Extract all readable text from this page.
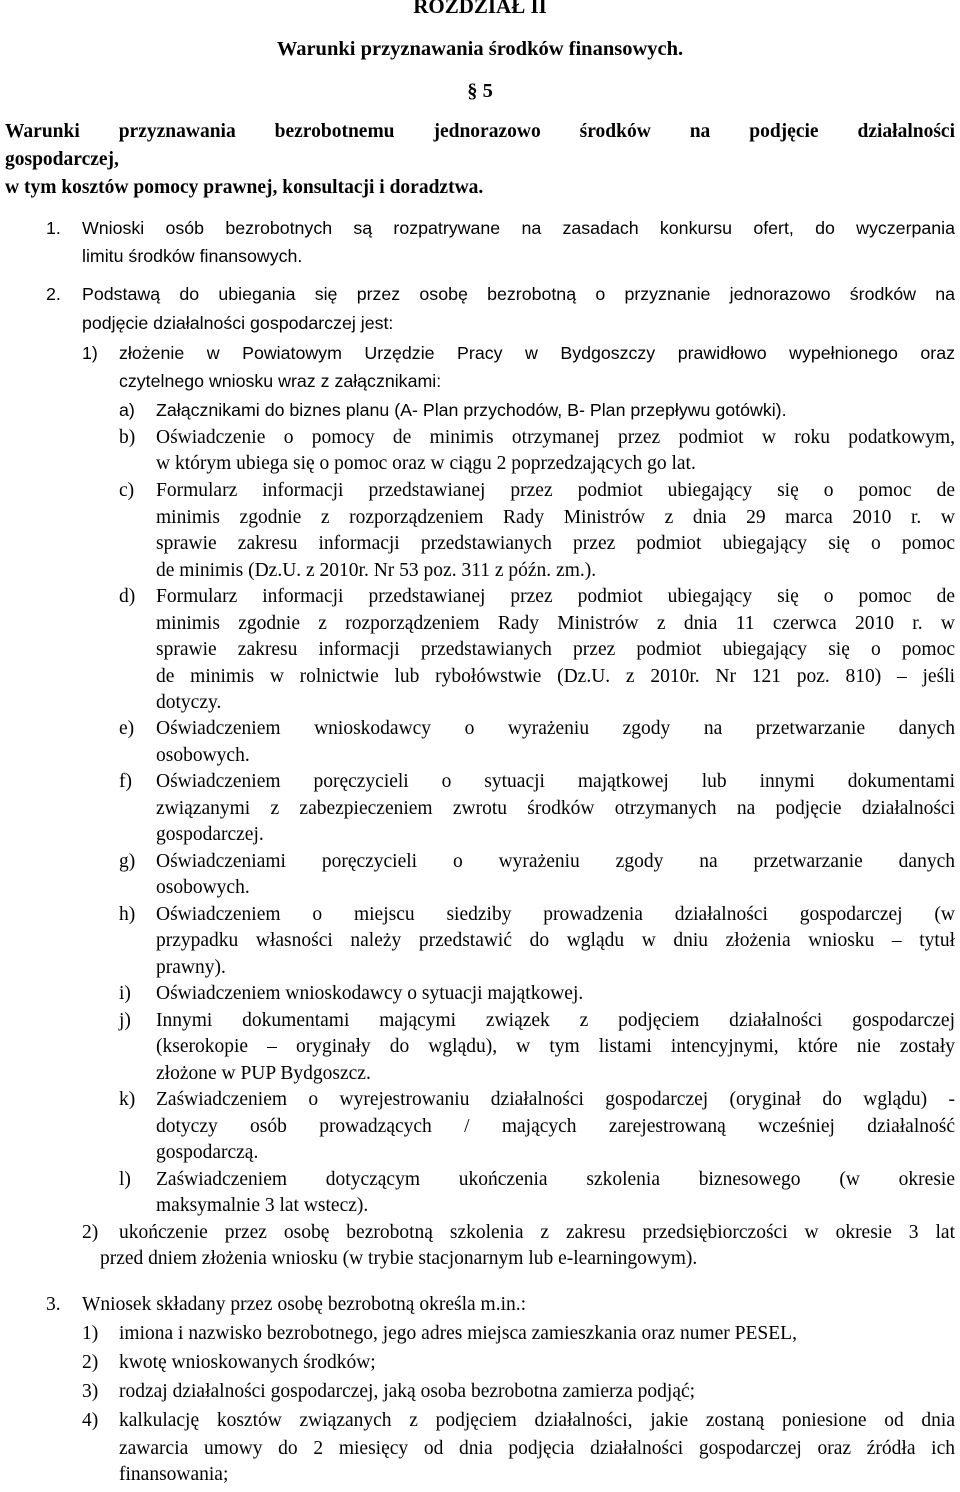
ROZDZIAŁ II
Warunki przyznawania środków finansowych.
§ 5
Warunki przyznawania bezrobotnemu jednorazowo środków na podjęcie działalności
gospodarczej,
w tym kosztów pomocy prawnej, konsultacji i doradztwa.
1. Wnioski osób bezrobotnych są rozpatrywane na zasadach konkursu ofert, do wyczerpania
limitu środków finansowych.
2. Podstawą do ubiegania się przez osobę bezrobotną o przyznanie jednorazowo środków na
podjęcie działalności gospodarczej jest:
1) złożenie w Powiatowym Urzędzie Pracy w Bydgoszczy prawidłowo wypełnionego oraz
czytelnego wniosku wraz z załącznikami:
a) Załącznikami do biznes planu (A- Plan przychodów, B- Plan przepływu gotówki).
b) Oświadczenie o pomocy de minimis otrzymanej przez podmiot w roku podatkowym,
w którym ubiega się o pomoc oraz w ciągu 2 poprzedzających go lat.
c) Formularz informacji przedstawianej przez podmiot ubiegający się o pomoc de
minimis zgodnie z rozporządzeniem Rady Ministrów z dnia 29 marca 2010 r. w
sprawie zakresu informacji przedstawianych przez podmiot ubiegający się o pomoc
de minimis (Dz.U. z 2010r. Nr 53 poz. 311 z późn. zm.).
d) Formularz informacji przedstawianej przez podmiot ubiegający się o pomoc de
minimis zgodnie z rozporządzeniem Rady Ministrów z dnia 11 czerwca 2010 r. w
sprawie zakresu informacji przedstawianych przez podmiot ubiegający się o pomoc
de minimis w rolnictwie lub rybołówstwie (Dz.U. z 2010r. Nr 121 poz. 810) – jeśli
dotyczy.
e) Oświadczeniem wnioskodawcy o wyrażeniu zgody na przetwarzanie danych
osobowych.
f) Oświadczeniem poręczycieli o sytuacji majątkowej lub innymi dokumentami
związanymi z zabezpieczeniem zwrotu środków otrzymanych na podjęcie działalności
gospodarczej.
g) Oświadczeniami poręczycieli o wyrażeniu zgody na przetwarzanie danych
osobowych.
h) Oświadczeniem o miejscu siedziby prowadzenia działalności gospodarczej (w
przypadku własności należy przedstawić do wglądu w dniu złożenia wniosku – tytuł
prawny).
i) Oświadczeniem wnioskodawcy o sytuacji majątkowej.
j) Innymi dokumentami mającymi związek z podjęciem działalności gospodarczej
(kserokopie – oryginały do wglądu), w tym listami intencyjnymi, które nie zostały
złożone w PUP Bydgoszcz.
k) Zaświadczeniem o wyrejestrowaniu działalności gospodarczej (oryginał do wglądu) -
dotyczy osób prowadzących / mających zarejestrowaną wcześniej działalność
gospodarczą.
l) Zaświadczeniem dotyczącym ukończenia szkolenia biznesowego (w okresie
maksymalnie 3 lat wstecz).
2) ukończenie przez osobę bezrobotną szkolenia z zakresu przedsiębiorczości w okresie 3 lat
przed dniem złożenia wniosku (w trybie stacjonarnym lub e-learningowym).
3. Wniosek składany przez osobę bezrobotną określa m.in.:
1) imiona i nazwisko bezrobotnego, jego adres miejsca zamieszkania oraz numer PESEL,
2) kwotę wnioskowanych środków;
3) rodzaj działalności gospodarczej, jaką osoba bezrobotna zamierza podjąć;
4) kalkulację kosztów związanych z podjęciem działalności, jakie zostaną poniesione od dnia
zawarcia umowy do 2 miesięcy od dnia podjęcia działalności gospodarczej oraz źródła ich
finansowania;
